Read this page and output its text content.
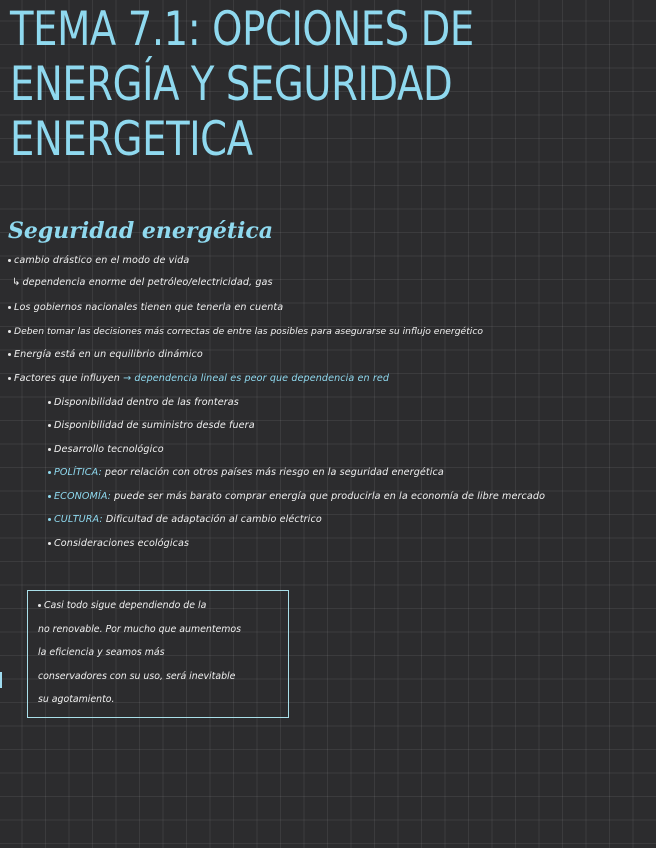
TEMA 7.1: OPCIONES DE
ENERGÍA Y SEGURIDAD
ENERGETICA
Seguridad energética
cambio drástico en el modo de vida
↳ dependencia enorme del petróleo/electricidad, gas
Los gobiernos nacionales tienen que tenerla en cuenta
Deben tomar las decisiones más correctas de entre las posibles para asegurarse su influjo energético
Energía está en un equilibrio dinámico
Factores que influyen → dependencia lineal es peor que dependencia en red
Disponibilidad dentro de las fronteras
Disponibilidad de suministro desde fuera
Desarrollo tecnológico
POLÍTICA: peor relación con otros países más riesgo en la seguridad energética
ECONOMÍA: puede ser más barato comprar energía que producirla en la economía de libre mercado
CULTURA: Dificultad de adaptación al cambio eléctrico
Consideraciones ecológicas
Casi todo sigue dependiendo de la
no renovable. Por mucho que aumentemos
la eficiencia y seamos más
conservadores con su uso, será inevitable
su agotamiento.
